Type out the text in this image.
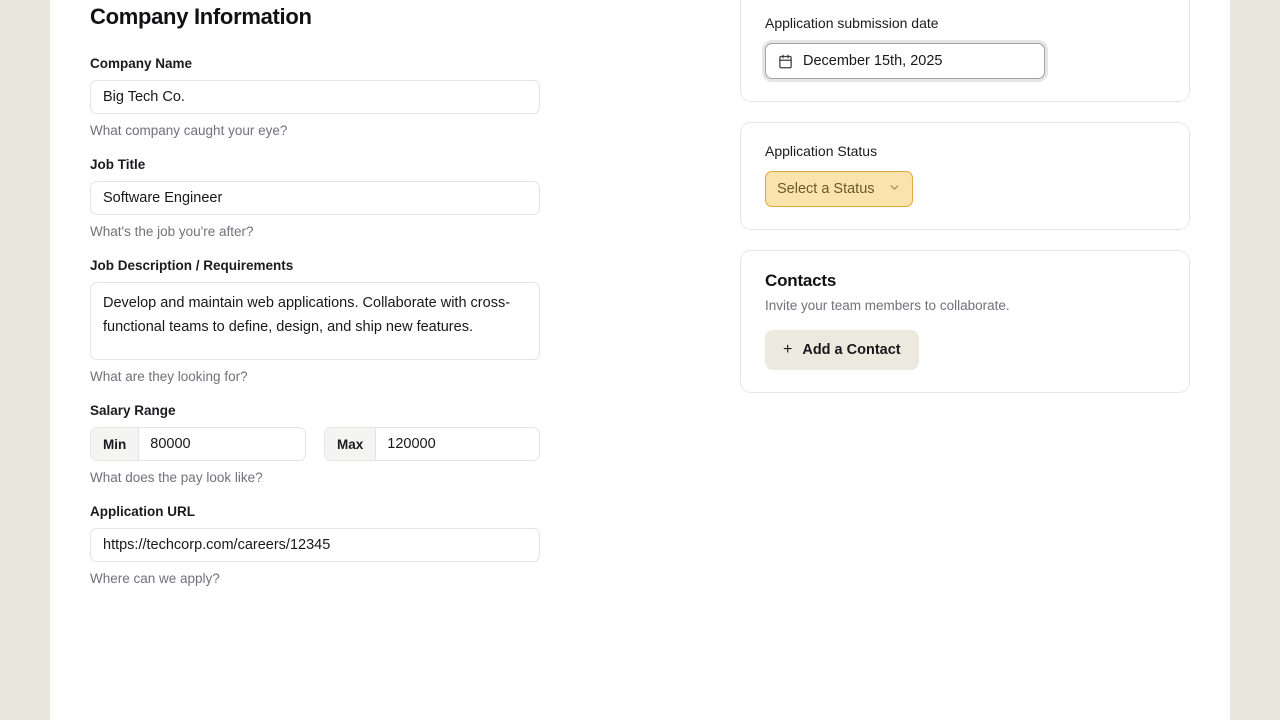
Company Information
Company Name
Big Tech Co.
What company caught your eye?
Job Title
Software Engineer
What's the job you're after?
Job Description / Requirements
Develop and maintain web applications. Collaborate with cross-functional teams to define, design, and ship new features.
What are they looking for?
Salary Range
Min
80000	Max
120000
What does the pay look like?
Application URL
https://techcorp.com/careers/12345
Where can we apply?
Application submission date
December 15th, 2025
Application Status
Select a Status
Contacts
Invite your team members to collaborate.
+ Add a Contact
